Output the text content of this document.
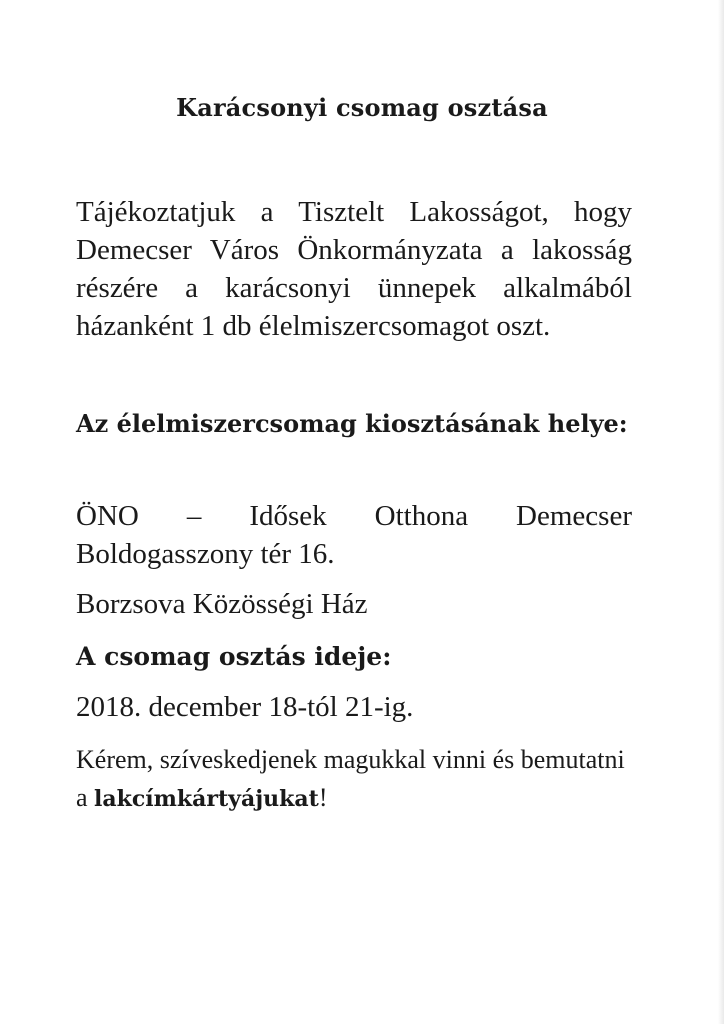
Karácsonyi csomag osztása

Tájékoztatjuk a Tisztelt Lakosságot, hogy Demecser Város Önkormányzata a lakosság részére a karácsonyi ünnepek alkalmából házanként 1 db élelmiszercsomagot oszt.

Az élelmiszercsomag kiosztásának helye:

ÖNO – Idősek Otthona Demecser Boldogasszony tér 16.

Borzsova Közösségi Ház

A csomag osztás ideje:

2018. december 18-tól 21-ig.

Kérem, szíveskedjenek magukkal vinni és bemutatni a lakcímkártyájukat!
